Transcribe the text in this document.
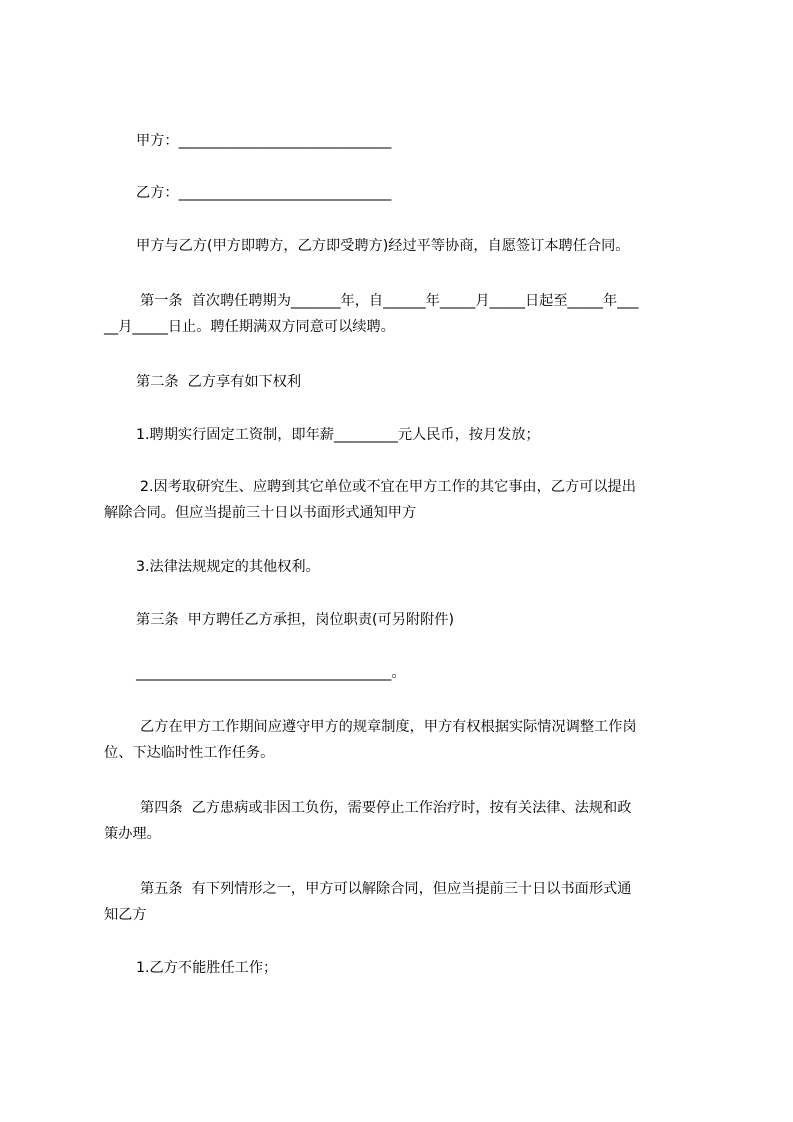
甲方：______________________________

乙方：______________________________

甲方与乙方(甲方即聘方，乙方即受聘方)经过平等协商，自愿签订本聘任合同。

第一条  首次聘任聘期为_______年，自______年_____月_____日起至_____年___

__月_____日止。聘任期满双方同意可以续聘。

第二条  乙方享有如下权利

1.聘期实行固定工资制，即年薪_________元人民币，按月发放；

2.因考取研究生、应聘到其它单位或不宜在甲方工作的其它事由，乙方可以提出

解除合同。但应当提前三十日以书面形式通知甲方

3.法律法规规定的其他权利。

第三条  甲方聘任乙方承担，岗位职责(可另附附件)

____________________________________。

乙方在甲方工作期间应遵守甲方的规章制度，甲方有权根据实际情况调整工作岗

位、下达临时性工作任务。

第四条  乙方患病或非因工负伤，需要停止工作治疗时，按有关法律、法规和政

策办理。

第五条  有下列情形之一，甲方可以解除合同，但应当提前三十日以书面形式通

知乙方

1.乙方不能胜任工作；
